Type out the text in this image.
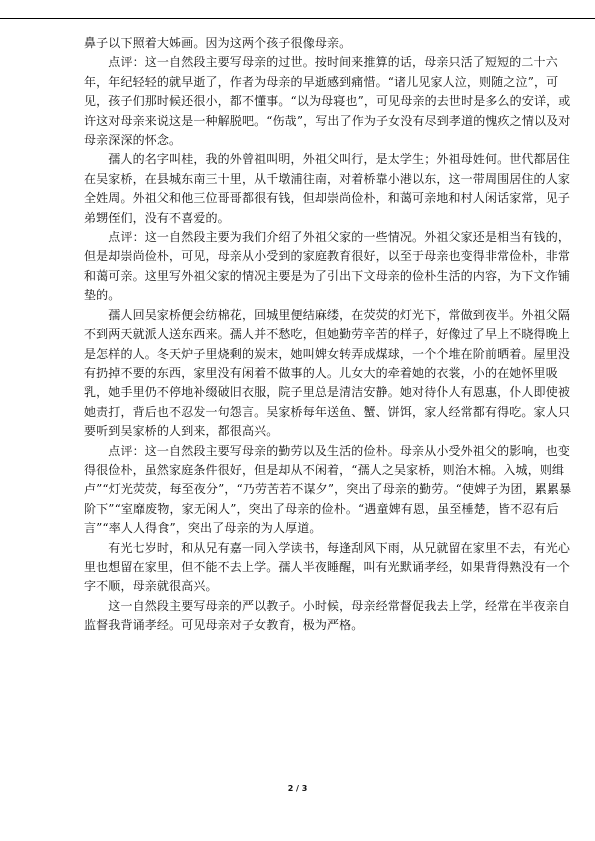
鼻子以下照着大姊画。因为这两个孩子很像母亲。

　　点评：这一自然段主要写母亲的过世。按时间来推算的话，母亲只活了短短的二十六
年，年纪轻轻的就早逝了，作者为母亲的早逝感到痛惜。“诸儿见家人泣，则随之泣”，可
见，孩子们那时候还很小，都不懂事。“以为母寝也”，可见母亲的去世时是多么的安详，或
许这对母亲来说这是一种解脱吧。“伤哉”，写出了作为子女没有尽到孝道的愧疚之情以及对
母亲深深的怀念。

　　孺人的名字叫桂，我的外曾祖叫明，外祖父叫行，是太学生；外祖母姓何。世代都居住
在吴家桥，在县城东南三十里，从千墩浦往南，对着桥靠小港以东，这一带周围居住的人家
全姓周。外祖父和他三位哥哥都很有钱，但却崇尚俭朴，和蔼可亲地和村人闲话家常，见子
弟甥侄们，没有不喜爱的。

　　点评：这一自然段主要为我们介绍了外祖父家的一些情况。外祖父家还是相当有钱的，
但是却崇尚俭朴，可见，母亲从小受到的家庭教育很好，以至于母亲也变得非常俭朴，非常
和蔼可亲。这里写外祖父家的情况主要是为了引出下文母亲的俭朴生活的内容，为下文作铺
垫的。

　　孺人回吴家桥便会纺棉花，回城里便结麻缕，在荧荧的灯光下，常做到夜半。外祖父隔
不到两天就派人送东西来。孺人并不愁吃，但她勤劳辛苦的样子，好像过了早上不晓得晚上
是怎样的人。冬天炉子里烧剩的炭末，她叫婢女转弄成煤球，一个个堆在阶前晒着。屋里没
有扔掉不要的东西，家里没有闲着不做事的人。儿女大的牵着她的衣裳，小的在她怀里吸
乳，她手里仍不停地补缀破旧衣服，院子里总是清洁安静。她对待仆人有恩惠，仆人即使被
她责打，背后也不忍发一句怨言。吴家桥每年送鱼、蟹、饼饵，家人经常都有得吃。家人只
要听到吴家桥的人到来，都很高兴。

　　点评：这一自然段主要写母亲的勤劳以及生活的俭朴。母亲从小受外祖父的影响，也变
得很俭朴，虽然家庭条件很好，但是却从不闲着，“孺人之吴家桥，则治木棉。入城，则缉
卢”“灯光荧荧，每至夜分”，“乃劳苦若不谋夕”，突出了母亲的勤劳。“使婢子为团，累累暴
阶下”“室靡废物，家无闲人”，突出了母亲的俭朴。“遇童婢有恩，虽至棰楚，皆不忍有后
言”“率人人得食”，突出了母亲的为人厚道。

　　有光七岁时，和从兄有嘉一同入学读书，每逢刮风下雨，从兄就留在家里不去，有光心
里也想留在家里，但不能不去上学。孺人半夜睡醒，叫有光默诵孝经，如果背得熟没有一个
字不顺，母亲就很高兴。

　　这一自然段主要写母亲的严以教子。小时候，母亲经常督促我去上学，经常在半夜亲自
监督我背诵孝经。可见母亲对子女教育，极为严格。

2 / 3
